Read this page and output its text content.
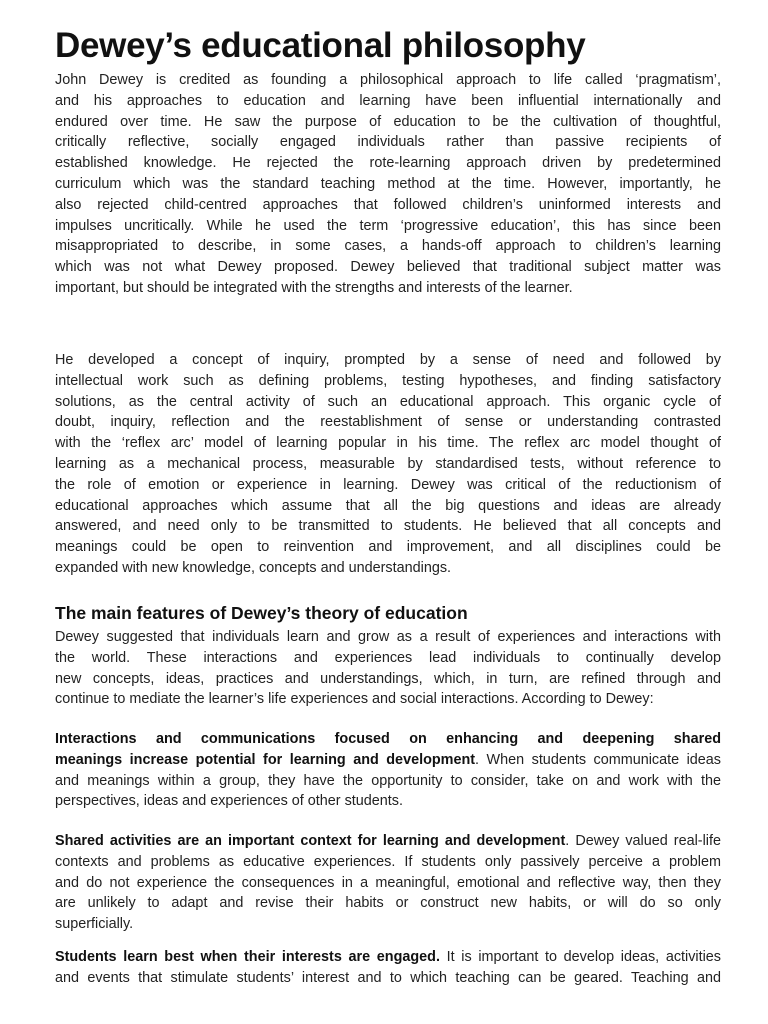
Dewey’s educational philosophy
John Dewey is credited as founding a philosophical approach to life called ‘pragmatism’,
and his approaches to education and learning have been influential internationally and
endured over time. He saw the purpose of education to be the cultivation of thoughtful,
critically reflective, socially engaged individuals rather than passive recipients of
established knowledge. He rejected the rote-learning approach driven by predetermined
curriculum which was the standard teaching method at the time. However, importantly, he
also rejected child-centred approaches that followed children’s uninformed interests and
impulses uncritically. While he used the term ‘progressive education’, this has since been
misappropriated to describe, in some cases, a hands-off approach to children’s learning
which was not what Dewey proposed. Dewey believed that traditional subject matter was
important, but should be integrated with the strengths and interests of the learner.
He developed a concept of inquiry, prompted by a sense of need and followed by
intellectual work such as defining problems, testing hypotheses, and finding satisfactory
solutions, as the central activity of such an educational approach. This organic cycle of
doubt, inquiry, reflection and the reestablishment of sense or understanding contrasted
with the ‘reflex arc’ model of learning popular in his time. The reflex arc model thought of
learning as a mechanical process, measurable by standardised tests, without reference to
the role of emotion or experience in learning. Dewey was critical of the reductionism of
educational approaches which assume that all the big questions and ideas are already
answered, and need only to be transmitted to students. He believed that all concepts and
meanings could be open to reinvention and improvement, and all disciplines could be
expanded with new knowledge, concepts and understandings.
The main features of Dewey’s theory of education
Dewey suggested that individuals learn and grow as a result of experiences and interactions with
the world. These interactions and experiences lead individuals to continually develop
new concepts, ideas, practices and understandings, which, in turn, are refined through and
continue to mediate the learner’s life experiences and social interactions. According to Dewey:
Interactions and communications focused on enhancing and deepening shared
meanings increase potential for learning and development. When students communicate ideas
and meanings within a group, they have the opportunity to consider, take on and work with the
perspectives, ideas and experiences of other students.
Shared activities are an important context for learning and development. Dewey valued real-life
contexts and problems as educative experiences. If students only passively perceive a problem
and do not experience the consequences in a meaningful, emotional and reflective way, then they
are unlikely to adapt and revise their habits or construct new habits, or will do so only
superficially.
Students learn best when their interests are engaged. It is important to develop ideas, activities
and events that stimulate students’ interest and to which teaching can be geared. Teaching and
